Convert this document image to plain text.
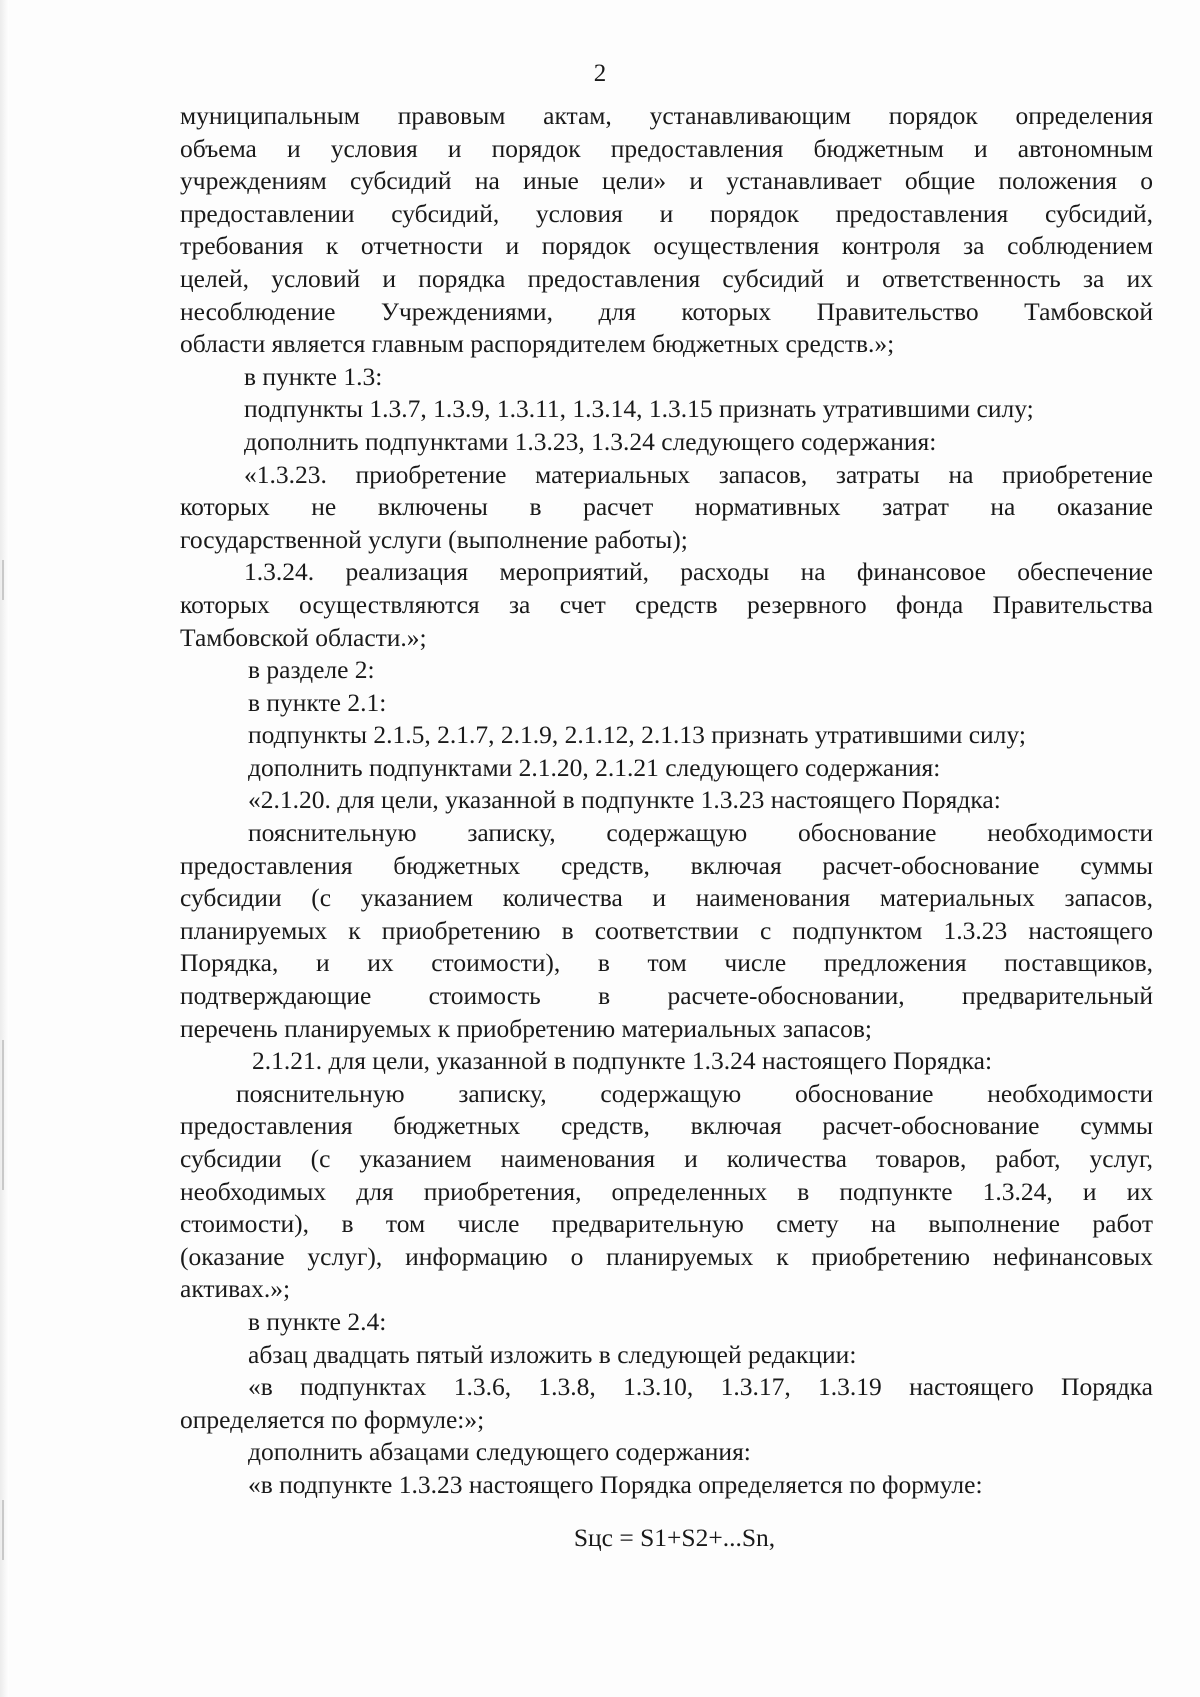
2
муниципальным правовым актам, устанавливающим порядок определения
объема и условия и порядок предоставления бюджетным и автономным
учреждениям субсидий на иные цели» и устанавливает общие положения о
предоставлении субсидий, условия и порядок предоставления субсидий,
требования к отчетности и порядок осуществления контроля за соблюдением
целей, условий и порядка предоставления субсидий и ответственность за их
несоблюдение Учреждениями, для которых Правительство Тамбовской
области является главным распорядителем бюджетных средств.»;
в пункте 1.3:
подпункты 1.3.7, 1.3.9, 1.3.11, 1.3.14, 1.3.15 признать утратившими силу;
дополнить подпунктами 1.3.23, 1.3.24 следующего содержания:
«1.3.23. приобретение материальных запасов, затраты на приобретение
которых не включены в расчет нормативных затрат на оказание
государственной услуги (выполнение работы);
1.3.24. реализация мероприятий, расходы на финансовое обеспечение
которых осуществляются за счет средств резервного фонда Правительства
Тамбовской области.»;
в разделе 2:
в пункте 2.1:
подпункты 2.1.5, 2.1.7, 2.1.9, 2.1.12, 2.1.13 признать утратившими силу;
дополнить подпунктами 2.1.20, 2.1.21 следующего содержания:
«2.1.20. для цели, указанной в подпункте 1.3.23 настоящего Порядка:
пояснительную записку, содержащую обоснование необходимости
предоставления бюджетных средств, включая расчет-обоснование суммы
субсидии (с указанием количества и наименования материальных запасов,
планируемых к приобретению в соответствии с подпунктом 1.3.23 настоящего
Порядка, и их стоимости), в том числе предложения поставщиков,
подтверждающие стоимость в расчете-обосновании, предварительный
перечень планируемых к приобретению материальных запасов;
2.1.21. для цели, указанной в подпункте 1.3.24 настоящего Порядка:
пояснительную записку, содержащую обоснование необходимости
предоставления бюджетных средств, включая расчет-обоснование суммы
субсидии (с указанием наименования и количества товаров, работ, услуг,
необходимых для приобретения, определенных в подпункте 1.3.24, и их
стоимости), в том числе предварительную смету на выполнение работ
(оказание услуг), информацию о планируемых к приобретению нефинансовых
активах.»;
в пункте 2.4:
абзац двадцать пятый изложить в следующей редакции:
«в подпунктах 1.3.6, 1.3.8, 1.3.10, 1.3.17, 1.3.19 настоящего Порядка
определяется по формуле:»;
дополнить абзацами следующего содержания:
«в подпункте 1.3.23 настоящего Порядка определяется по формуле:
Sцс = S1+S2+...Sn,
